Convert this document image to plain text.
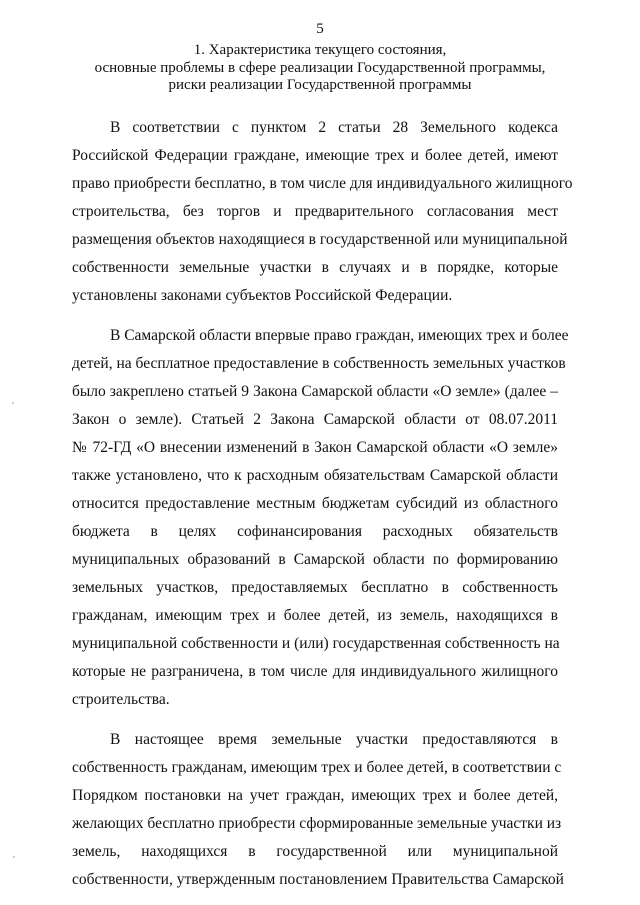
5
1. Характеристика текущего состояния,
основные проблемы в сфере реализации Государственной программы,
риски реализации Государственной программы
В соответствии с пунктом 2 статьи 28 Земельного кодекса
Российской Федерации граждане, имеющие трех и более детей, имеют
право приобрести бесплатно, в том числе для индивидуального жилищного
строительства, без торгов и предварительного согласования мест
размещения объектов находящиеся в государственной или муниципальной
собственности земельные участки в случаях и в порядке, которые
установлены законами субъектов Российской Федерации.
В Самарской области впервые право граждан, имеющих трех и более
детей, на бесплатное предоставление в собственность земельных участков
было закреплено статьей 9 Закона Самарской области «О земле» (далее –
Закон о земле). Статьей 2 Закона Самарской области от 08.07.2011
№ 72-ГД «О внесении изменений в Закон Самарской области «О земле»
также установлено, что к расходным обязательствам Самарской области
относится предоставление местным бюджетам субсидий из областного
бюджета в целях софинансирования расходных обязательств
муниципальных образований в Самарской области по формированию
земельных участков, предоставляемых бесплатно в собственность
гражданам, имеющим трех и более детей, из земель, находящихся в
муниципальной собственности и (или) государственная собственность на
которые не разграничена, в том числе для индивидуального жилищного
строительства.
В настоящее время земельные участки предоставляются в
собственность гражданам, имеющим трех и более детей, в соответствии с
Порядком постановки на учет граждан, имеющих трех и более детей,
желающих бесплатно приобрести сформированные земельные участки из
земель, находящихся в государственной или муниципальной
собственности, утвержденным постановлением Правительства Самарской
